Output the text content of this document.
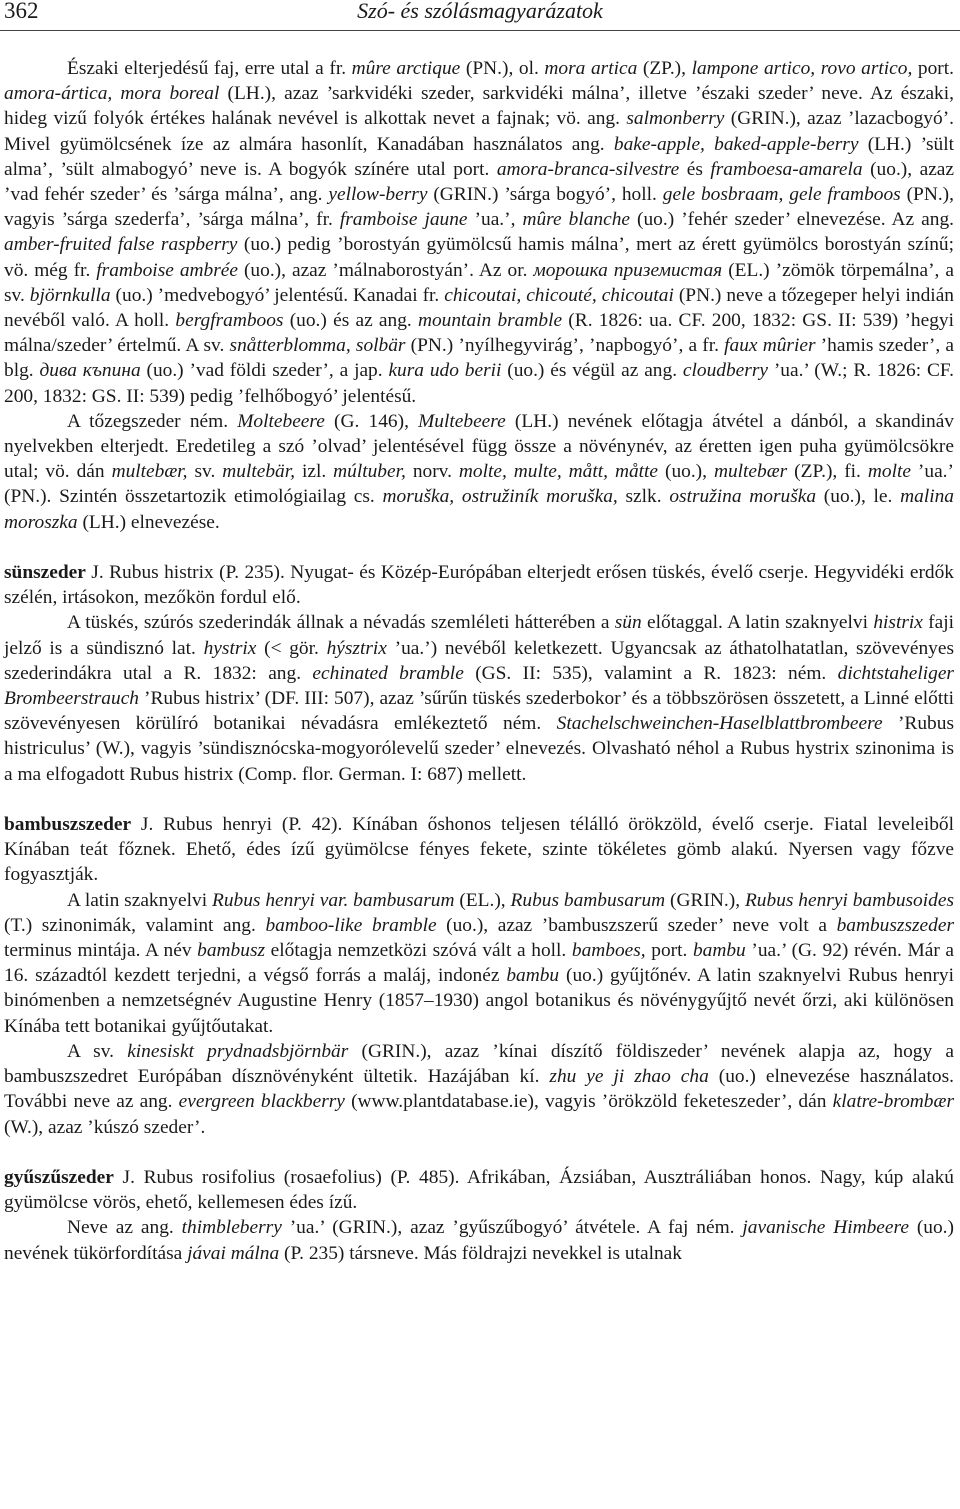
362	Szó- és szólásmagyarázatok

Északi elterjedésű faj, erre utal a fr. mûre arctique (PN.), ol. mora artica (ZP.), lampone artico, rovo artico, port. amora-ártica, mora boreal (LH.), azaz ’sarkvidéki szeder, sarkvidéki málna’, illetve ’északi szeder’ neve. Az északi, hideg vizű folyók értékes halának nevével is alkottak nevet a fajnak; vö. ang. salmonberry (GRIN.), azaz ’lazacbogyó’. Mivel gyümölcsének íze az almára hasonlít, Kanadában használatos ang. bake-apple, baked-apple-berry (LH.) ’sült alma’, ’sült almabogyó’ neve is. A bogyók színére utal port. amora-branca-silvestre és framboesa-amarela (uo.), azaz ’vad fehér szeder’ és ’sárga málna’, ang. yellow-berry (GRIN.) ’sárga bogyó’, holl. gele bosbraam, gele framboos (PN.), vagyis ’sárga szederfa’, ’sárga málna’, fr. framboise jaune ’ua.’, mûre blanche (uo.) ’fehér szeder’ elnevezése. Az ang. amber-fruited false raspberry (uo.) pedig ’borostyán gyümölcsű hamis málna’, mert az érett gyümölcs borostyán színű; vö. még fr. framboise ambrée (uo.), azaz ’málnaborostyán’. Az or. морошка приземистая (EL.) ’zömök törpemálna’, a sv. björnkulla (uo.) ’medvebogyó’ jelentésű. Kanadai fr. chicoutai, chicouté, chicoutai (PN.) neve a tőzegeper helyi indián nevéből való. A holl. bergframboos (uo.) és az ang. mountain bramble (R. 1826: ua. CF. 200, 1832: GS. II: 539) ’hegyi málna/szeder’ értelmű. A sv. snåtterblomma, solbär (PN.) ’nyílhegyvirág’, ’napbogyó’, a fr. faux mûrier ’hamis szeder’, a blg. дива къпина (uo.) ’vad földi szeder’, a jap. kura udo berii (uo.) és végül az ang. cloudberry ’ua.’ (W.; R. 1826: CF. 200, 1832: GS. II: 539) pedig ’felhőbogyó’ jelentésű.

A tőzegszeder ném. Moltebeere (G. 146), Multebeere (LH.) nevének előtagja átvétel a dánból, a skandináv nyelvekben elterjedt. Eredetileg a szó ’olvad’ jelentésével függ össze a növénynév, az éretten igen puha gyümölcsökre utal; vö. dán multebær, sv. multebär, izl. múltuber, norv. molte, multe, mått, måtte (uo.), multebær (ZP.), fi. molte ’ua.’ (PN.). Szintén összetartozik etimológiailag cs. moruška, ostružiník moruška, szlk. ostružina moruška (uo.), le. malina moroszka (LH.) elnevezése.

sünszeder J. Rubus histrix (P. 235). Nyugat- és Közép-Európában elterjedt erősen tüskés, évelő cserje. Hegyvidéki erdők szélén, irtásokon, mezőkön fordul elő.

A tüskés, szúrós szederindák állnak a névadás szemléleti hátterében a sün előtaggal. A latin szaknyelvi histrix faji jelző is a sündisznó lat. hystrix (< gör. hýsztrix ’ua.’) nevéből keletkezett. Ugyancsak az áthatolhatatlan, szövevényes szederindákra utal a R. 1832: ang. echinated bramble (GS. II: 535), valamint a R. 1823: ném. dichtstaheliger Brombeerstrauch ’Rubus histrix’ (DF. III: 507), azaz ’sűrűn tüskés szederbokor’ és a többszörösen összetett, a Linné előtti szövevényesen körülíró botanikai névadásra emlékeztető ném. Stachelschweinchen-Haselblattbrombeere ’Rubus histriculus’ (W.), vagyis ’sündisznócska-mogyorólevelű szeder’ elnevezés. Olvasható néhol a Rubus hystrix szinonima is a ma elfogadott Rubus histrix (Comp. flor. German. I: 687) mellett.

bambuszszeder J. Rubus henryi (P. 42). Kínában őshonos teljesen télálló örökzöld, évelő cserje. Fiatal leveleiből Kínában teát főznek. Ehető, édes ízű gyümölcse fényes fekete, szinte tökéletes gömb alakú. Nyersen vagy főzve fogyasztják.

A latin szaknyelvi Rubus henryi var. bambusarum (EL.), Rubus bambusarum (GRIN.), Rubus henryi bambusoides (T.) szinonimák, valamint ang. bamboo-like bramble (uo.), azaz ’bambuszszerű szeder’ neve volt a bambuszszeder terminus mintája. A név bambusz előtagja nemzetközi szóvá vált a holl. bamboes, port. bambu ’ua.’ (G. 92) révén. Már a 16. századtól kezdett terjedni, a végső forrás a maláj, indonéz bambu (uo.) gyűjtőnév. A latin szaknyelvi Rubus henryi binómenben a nemzetségnév Augustine Henry (1857–1930) angol botanikus és növénygyűjtő nevét őrzi, aki különösen Kínába tett botanikai gyűjtőutakat.

A sv. kinesiskt prydnadsbjörnbär (GRIN.), azaz ’kínai díszítő földiszeder’ nevének alapja az, hogy a bambuszszedret Európában dísznövényként ültetik. Hazájában kí. zhu ye ji zhao cha (uo.) elnevezése használatos. További neve az ang. evergreen blackberry (www.plantdatabase.ie), vagyis ’örökzöld feketeszeder’, dán klatre-brombær (W.), azaz ’kúszó szeder’.

gyűszűszeder J. Rubus rosifolius (rosaefolius) (P. 485). Afrikában, Ázsiában, Ausztráliában honos. Nagy, kúp alakú gyümölcse vörös, ehető, kellemesen édes ízű.

Neve az ang. thimbleberry ’ua.’ (GRIN.), azaz ’gyűszűbogyó’ átvétele. A faj ném. javanische Himbeere (uo.) nevének tükörfordítása jávai málna (P. 235) társneve. Más földrajzi nevekkel is utalnak
